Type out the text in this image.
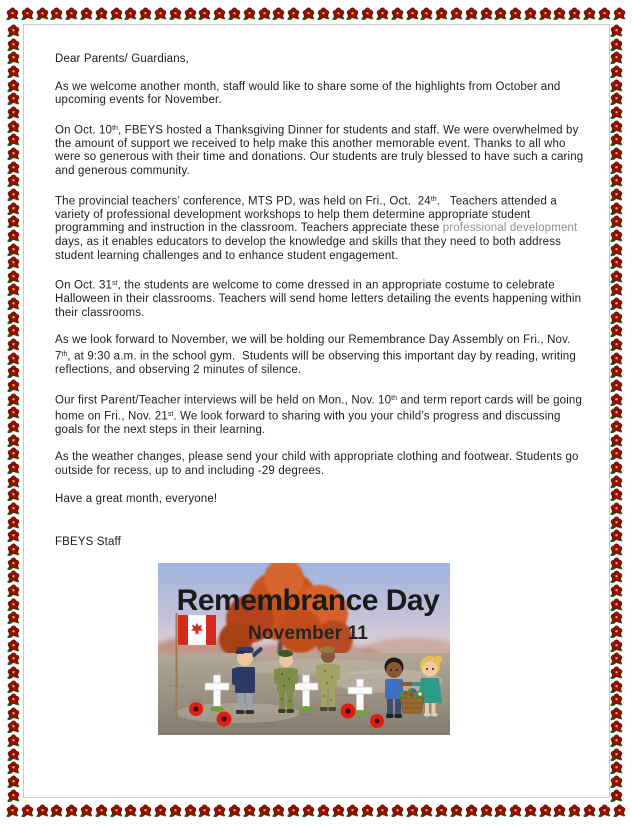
Dear Parents/ Guardians,

As we welcome another month, staff would like to share some of the highlights from October and upcoming events for November.

On Oct. 10th, FBEYS hosted a Thanksgiving Dinner for students and staff. We were overwhelmed by the amount of support we received to help make this another memorable event. Thanks to all who were so generous with their time and donations. Our students are truly blessed to have such a caring and generous community.

The provincial teachers’ conference, MTS PD, was held on Fri., Oct.  24th.   Teachers attended a variety of professional development workshops to help them determine appropriate student programming and instruction in the classroom. Teachers appreciate these professional development days, as it enables educators to develop the knowledge and skills that they need to both address student learning challenges and to enhance student engagement.

On Oct. 31st, the students are welcome to come dressed in an appropriate costume to celebrate Halloween in their classrooms. Teachers will send home letters detailing the events happening within their classrooms.

As we look forward to November, we will be holding our Remembrance Day Assembly on Fri., Nov. 7th, at 9:30 a.m. in the school gym.  Students will be observing this important day by reading, writing reflections, and observing 2 minutes of silence.

Our first Parent/Teacher interviews will be held on Mon., Nov. 10th and term report cards will be going home on Fri., Nov. 21st. We look forward to sharing with you your child’s progress and discussing goals for the next steps in their learning.

As the weather changes, please send your child with appropriate clothing and footwear. Students go outside for recess, up to and including -29 degrees.

Have a great month, everyone!

FBEYS Staff
Remembrance Day
November 11
